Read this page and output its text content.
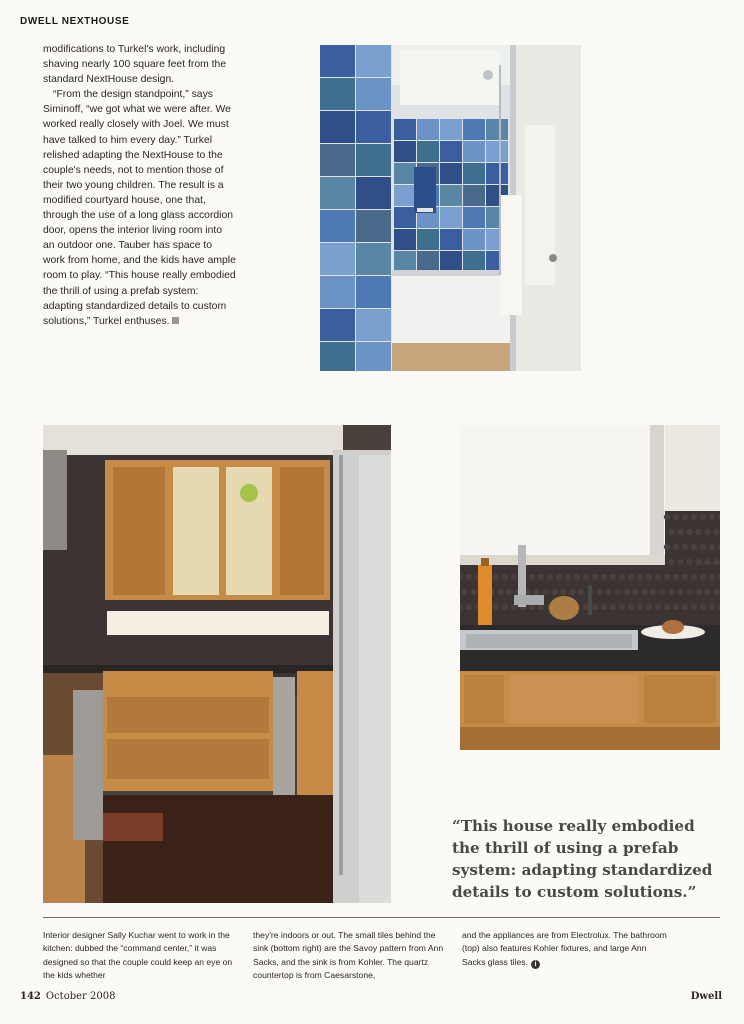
DWELL NEXTHOUSE

modifications to Turkel's work, including shaving nearly 100 square feet from the standard NextHouse design.

“From the design standpoint,” says Siminoff, “we got what we were after. We worked really closely with Joel. We must have talked to him every day.” Turkel relished adapting the NextHouse to the couple's needs, not to mention those of their two young children. The result is a modified courtyard house, one that, through the use of a long glass accordion door, opens the interior living room into an outdoor one. Tauber has space to work from home, and the kids have ample room to play. “This house really embodied the thrill of using a prefab system: adapting standardized details to custom solutions,” Turkel enthuses.

“This house really embodied the thrill of using a prefab system: adapting standardized details to custom solutions.”
Interior designer Sally Kuchar went to work in the kitchen: dubbed the “command center,” it was designed so that the couple could keep an eye on the kids whether
they're indoors or out. The small tiles behind the sink (bottom right) are the Savoy pattern from Ann Sacks, and the sink is from Kohler. The quartz countertop is from Caesarstone,
and the appliances are from Electrolux. The bathroom (top) also features Kohler fixtures, and large Ann Sacks glass tiles. i
142 October 2008	Dwell
